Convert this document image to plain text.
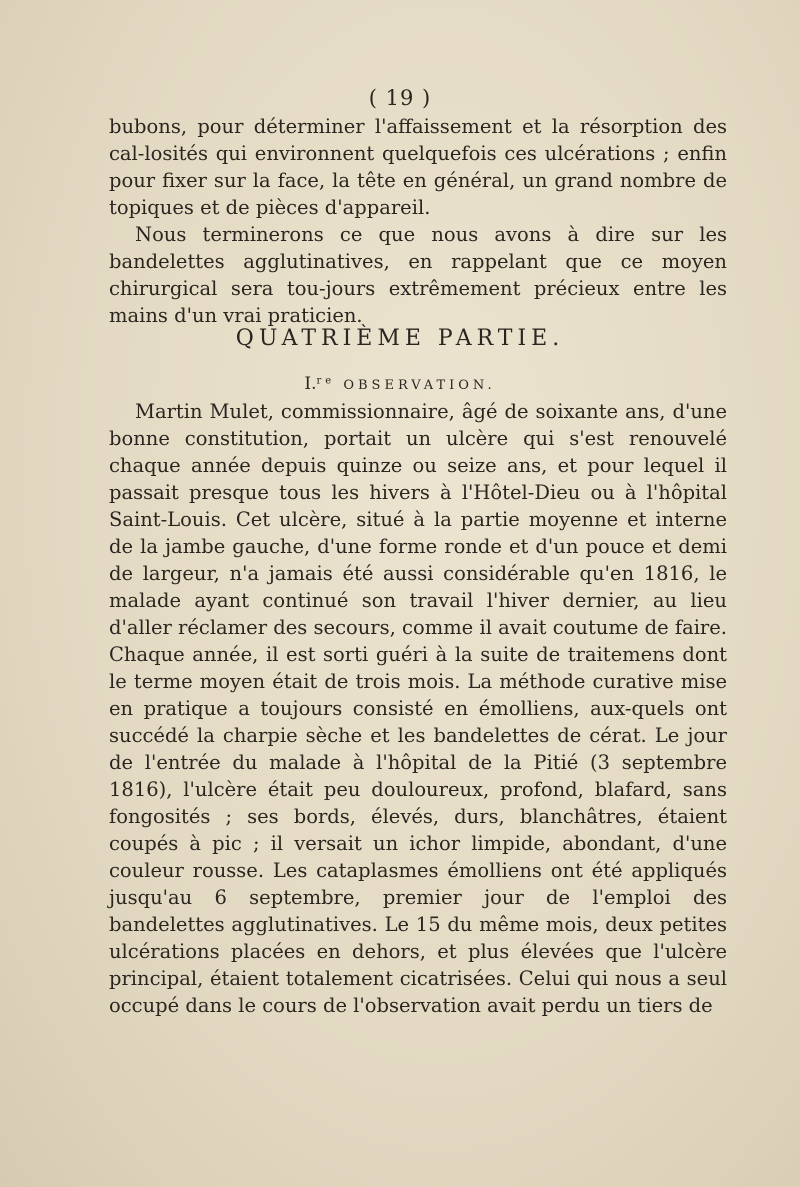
( 19 )

bubons, pour déterminer l'affaissement et la résorption des cal-losités qui environnent quelquefois ces ulcérations ; enfin pour fixer sur la face, la tête en général, un grand nombre de topiques et de pièces d'appareil.

Nous terminerons ce que nous avons à dire sur les bandelettes agglutinatives, en rappelant que ce moyen chirurgical sera tou-jours extrêmement précieux entre les mains d'un vrai praticien.

QUATRIÈME PARTIE.
I.$^{re}$ OBSERVATION.

Martin Mulet, commissionnaire, âgé de soixante ans, d'une bonne constitution, portait un ulcère qui s'est renouvelé chaque année depuis quinze ou seize ans, et pour lequel il passait presque tous les hivers à l'Hôtel-Dieu ou à l'hôpital Saint-Louis. Cet ulcère, situé à la partie moyenne et interne de la jambe gauche, d'une forme ronde et d'un pouce et demi de largeur, n'a jamais été aussi considérable qu'en 1816, le malade ayant continué son travail l'hiver dernier, au lieu d'aller réclamer des secours, comme il avait coutume de faire. Chaque année, il est sorti guéri à la suite de traitemens dont le terme moyen était de trois mois. La méthode curative mise en pratique a toujours consisté en émolliens, aux-quels ont succédé la charpie sèche et les bandelettes de cérat. Le jour de l'entrée du malade à l'hôpital de la Pitié (3 septembre 1816), l'ulcère était peu douloureux, profond, blafard, sans fongosités ; ses bords, élevés, durs, blanchâtres, étaient coupés à pic ; il versait un ichor limpide, abondant, d'une couleur rousse. Les cataplasmes émolliens ont été appliqués jusqu'au 6 septembre, premier jour de l'emploi des bandelettes agglutinatives. Le 15 du même mois, deux petites ulcérations placées en dehors, et plus élevées que l'ulcère principal, étaient totalement cicatrisées. Celui qui nous a seul occupé dans le cours de l'observation avait perdu un tiers de
